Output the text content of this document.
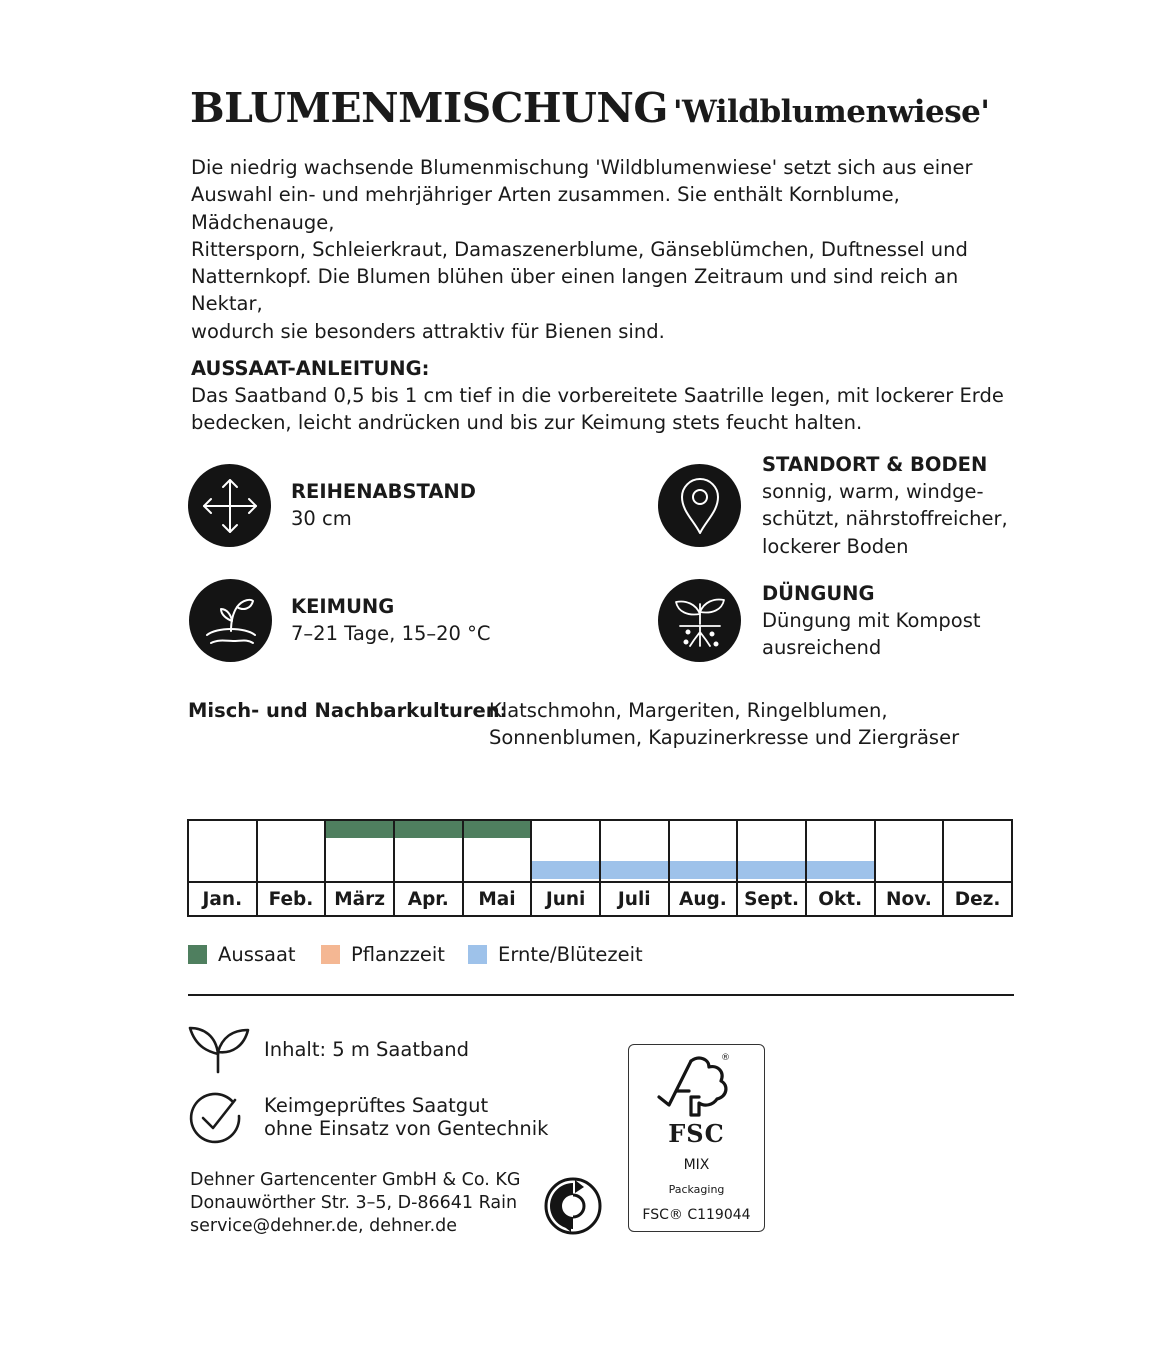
BLUMENMISCHUNG 'Wildblumenwiese'
Die niedrig wachsende Blumenmischung 'Wildblumenwiese' setzt sich aus einer
Auswahl ein- und mehrjähriger Arten zusammen. Sie enthält Kornblume, Mädchenauge,
Rittersporn, Schleierkraut, Damaszenerblume, Gänseblümchen, Duftnessel und
Natternkopf. Die Blumen blühen über einen langen Zeitraum und sind reich an Nektar,
wodurch sie besonders attraktiv für Bienen sind.
AUSSAAT-ANLEITUNG:
Das Saatband 0,5 bis 1 cm tief in die vorbereitete Saatrille legen, mit lockerer Erde
bedecken, leicht andrücken und bis zur Keimung stets feucht halten.
REIHENABSTAND
30 cm
STANDORT & BODEN
sonnig, warm, windge-
schützt, nährstoffreicher,
lockerer Boden
KEIMUNG
7–21 Tage, 15–20 °C
DÜNGUNG
Düngung mit Kompost
ausreichend
Misch- und Nachbarkulturen:
Klatschmohn, Margeriten, Ringelblumen,
Sonnenblumen, Kapuzinerkresse und Ziergräser

Jan.	Feb.	März	Apr.	Mai	Juni	Juli	Aug.	Sept.	Okt.	Nov.	Dez.
Aussaat	Pflanzzeit	Ernte/Blütezeit
Inhalt: 5 m Saatband
Keimgeprüftes Saatgut
ohne Einsatz von Gentechnik
Dehner Gartencenter GmbH & Co. KG
Donauwörther Str. 3–5, D-86641 Rain
service@dehner.de, dehner.de
®
FSC
MIX
Packaging
FSC® C119044
